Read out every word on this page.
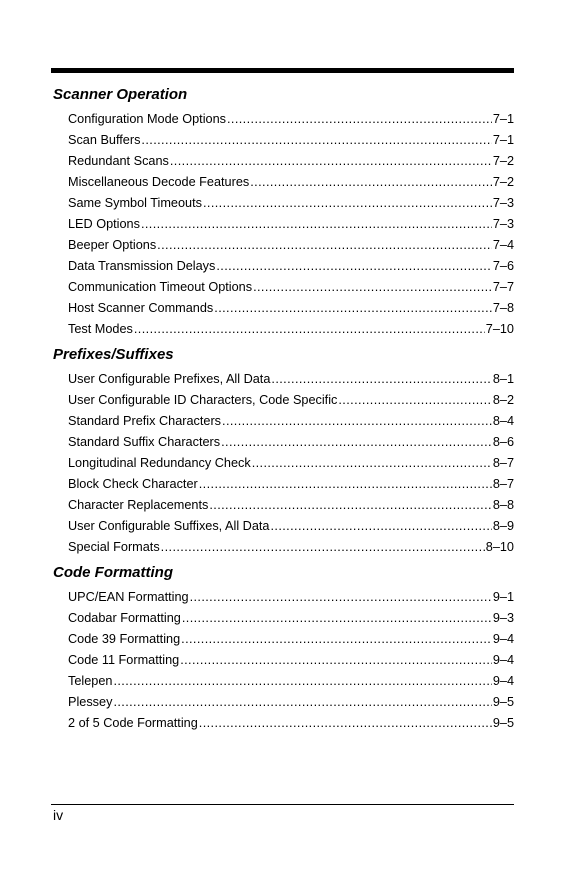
Scanner Operation
Configuration Mode Options .....	7–1
Scan Buffers .....	7–1
Redundant Scans .....	7–2
Miscellaneous Decode Features .....	7–2
Same Symbol Timeouts .....	7–3
LED Options .....	7–3
Beeper Options .....	7–4
Data Transmission Delays .....	7–6
Communication Timeout Options .....	7–7
Host Scanner Commands .....	7–8
Test Modes .....	7–10
Prefixes/Suffixes
User Configurable Prefixes, All Data .....	8–1
User Configurable ID Characters, Code Specific .....	8–2
Standard Prefix Characters .....	8–4
Standard Suffix Characters .....	8–6
Longitudinal Redundancy Check .....	8–7
Block Check Character .....	8–7
Character Replacements .....	8–8
User Configurable Suffixes, All Data .....	8–9
Special Formats .....	8–10
Code Formatting
UPC/EAN Formatting .....	9–1
Codabar Formatting .....	9–3
Code 39 Formatting .....	9–4
Code 11 Formatting .....	9–4
Telepen .....	9–4
Plessey .....	9–5
2 of 5 Code Formatting .....	9–5
iv
